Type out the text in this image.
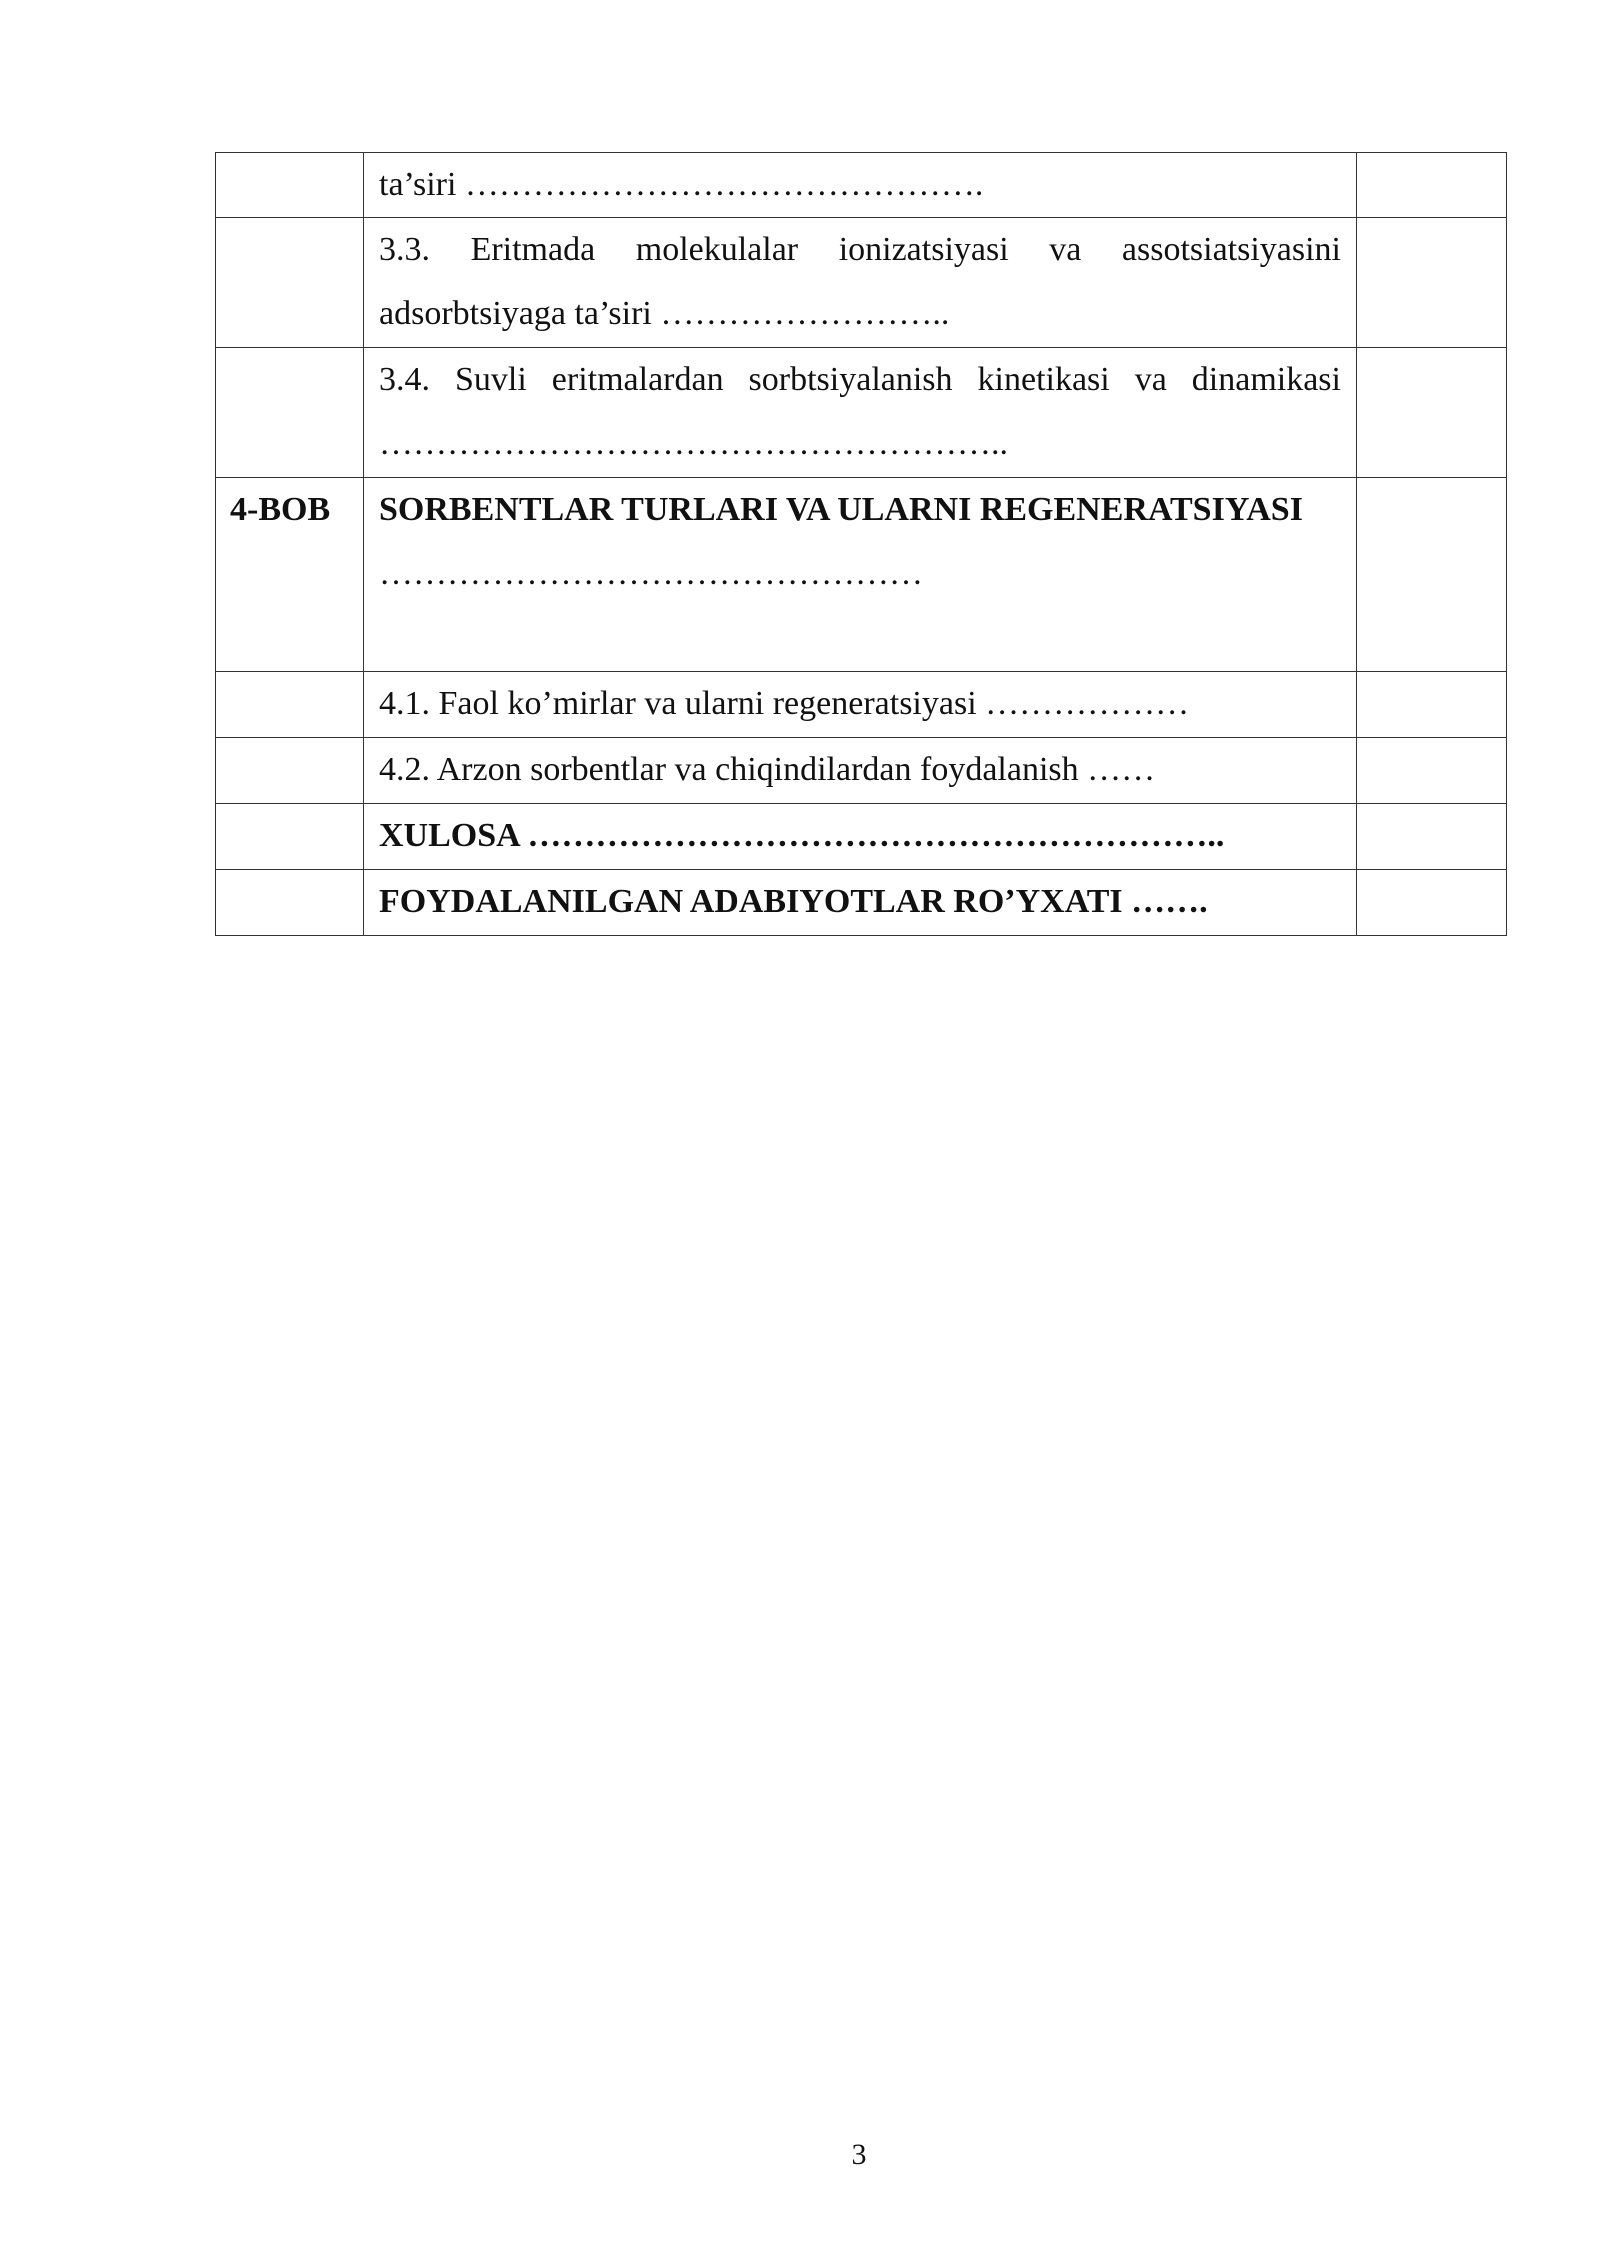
	ta’siri ……………………………………….	
	3.3. Eritmada molekulalar ionizatsiyasi va assotsiatsiyasini adsorbtsiyaga ta’siri ……………………..	
	3.4. Suvli eritmalardan sorbtsiyalanish kinetikasi va dinamikasi ………………………………………………..	
4-BOB	SORBENTLAR TURLARI VA ULARNI REGENERATSIYASI
…………………………………………	

	4.1. Faol ko’mirlar va ularni regeneratsiyasi ………………	
	4.2. Arzon sorbentlar va chiqindilardan foydalanish ……	
	XULOSA ……………………………………………………..	
	FOYDALANILGAN ADABIYOTLAR RO’YXATI …….	
3
